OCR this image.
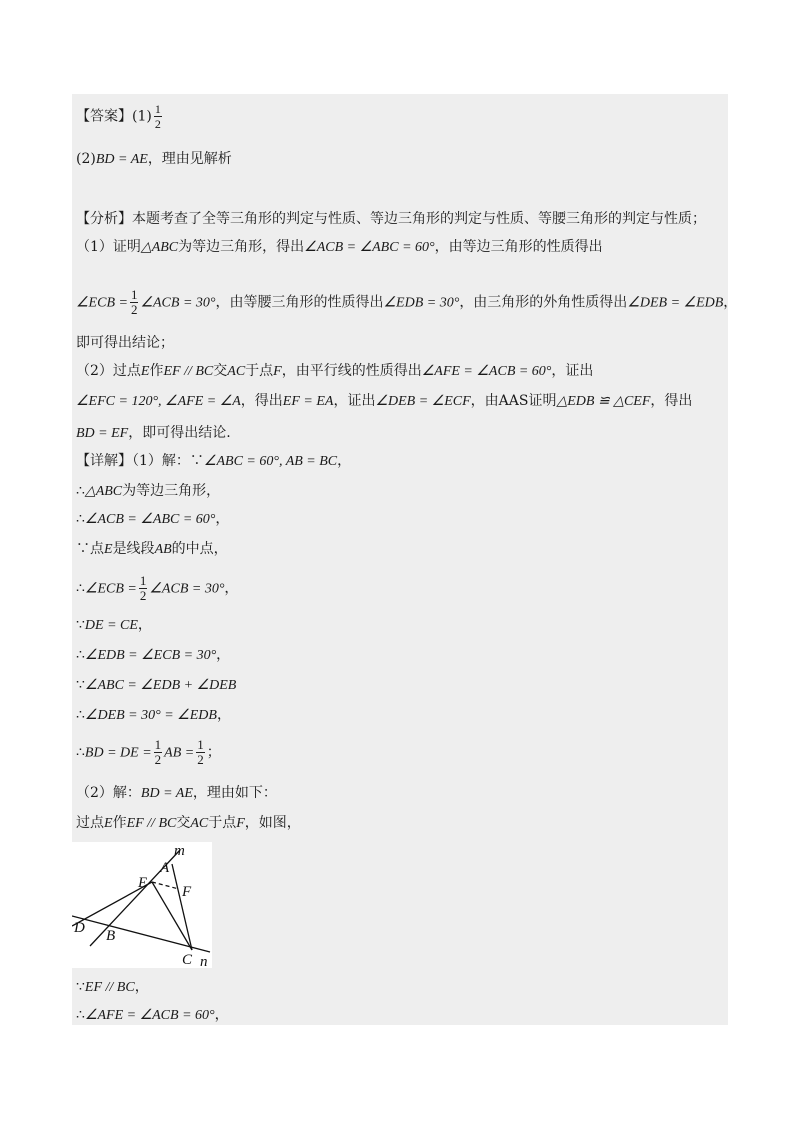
【答案】$(1) \frac{1}{2}$
(2)BD = AE，理由见解析
【分析】本题考查了全等三角形的判定与性质、等边三角形的判定与性质、等腰三角形的判定与性质；
（1）证明△ABC为等边三角形，得出∠ACB = ∠ABC = 60°，由等边三角形的性质得出
∠ECB = $\frac{1}{2}$ ∠ACB = 30°，由等腰三角形的性质得出∠EDB = 30°，由三角形的外角性质得出∠DEB = ∠EDB，
即可得出结论；
（2）过点E作EF // BC交AC于点F，由平行线的性质得出∠AFE = ∠ACB = 60°，证出
∠EFC = 120°, ∠AFE = ∠A，得出EF = EA，证出∠DEB = ∠ECF，由AAS证明△EDB ≌ △CEF，得出
BD = EF，即可得出结论.
【详解】（1）解：∵∠ABC = 60°, AB = BC，
∴△ABC为等边三角形，
∴∠ACB = ∠ABC = 60°，
∵点E是线段AB的中点，
∴∠ECB = $\frac{1}{2}$ ∠ACB = 30°，
∵DE = CE，
∴∠EDB = ∠ECB = 30°，
∵∠ABC = ∠EDB + ∠DEB
∴∠DEB = 30° = ∠EDB，
∴BD = DE = $\frac{1}{2}$ AB = $\frac{1}{2}$ ；
（2）解：BD = AE，理由如下：
过点E作EF // BC交AC于点F，如图，
m
A
E
F
D B
C n
∵EF // BC，
∴∠AFE = ∠ACB = 60°，
